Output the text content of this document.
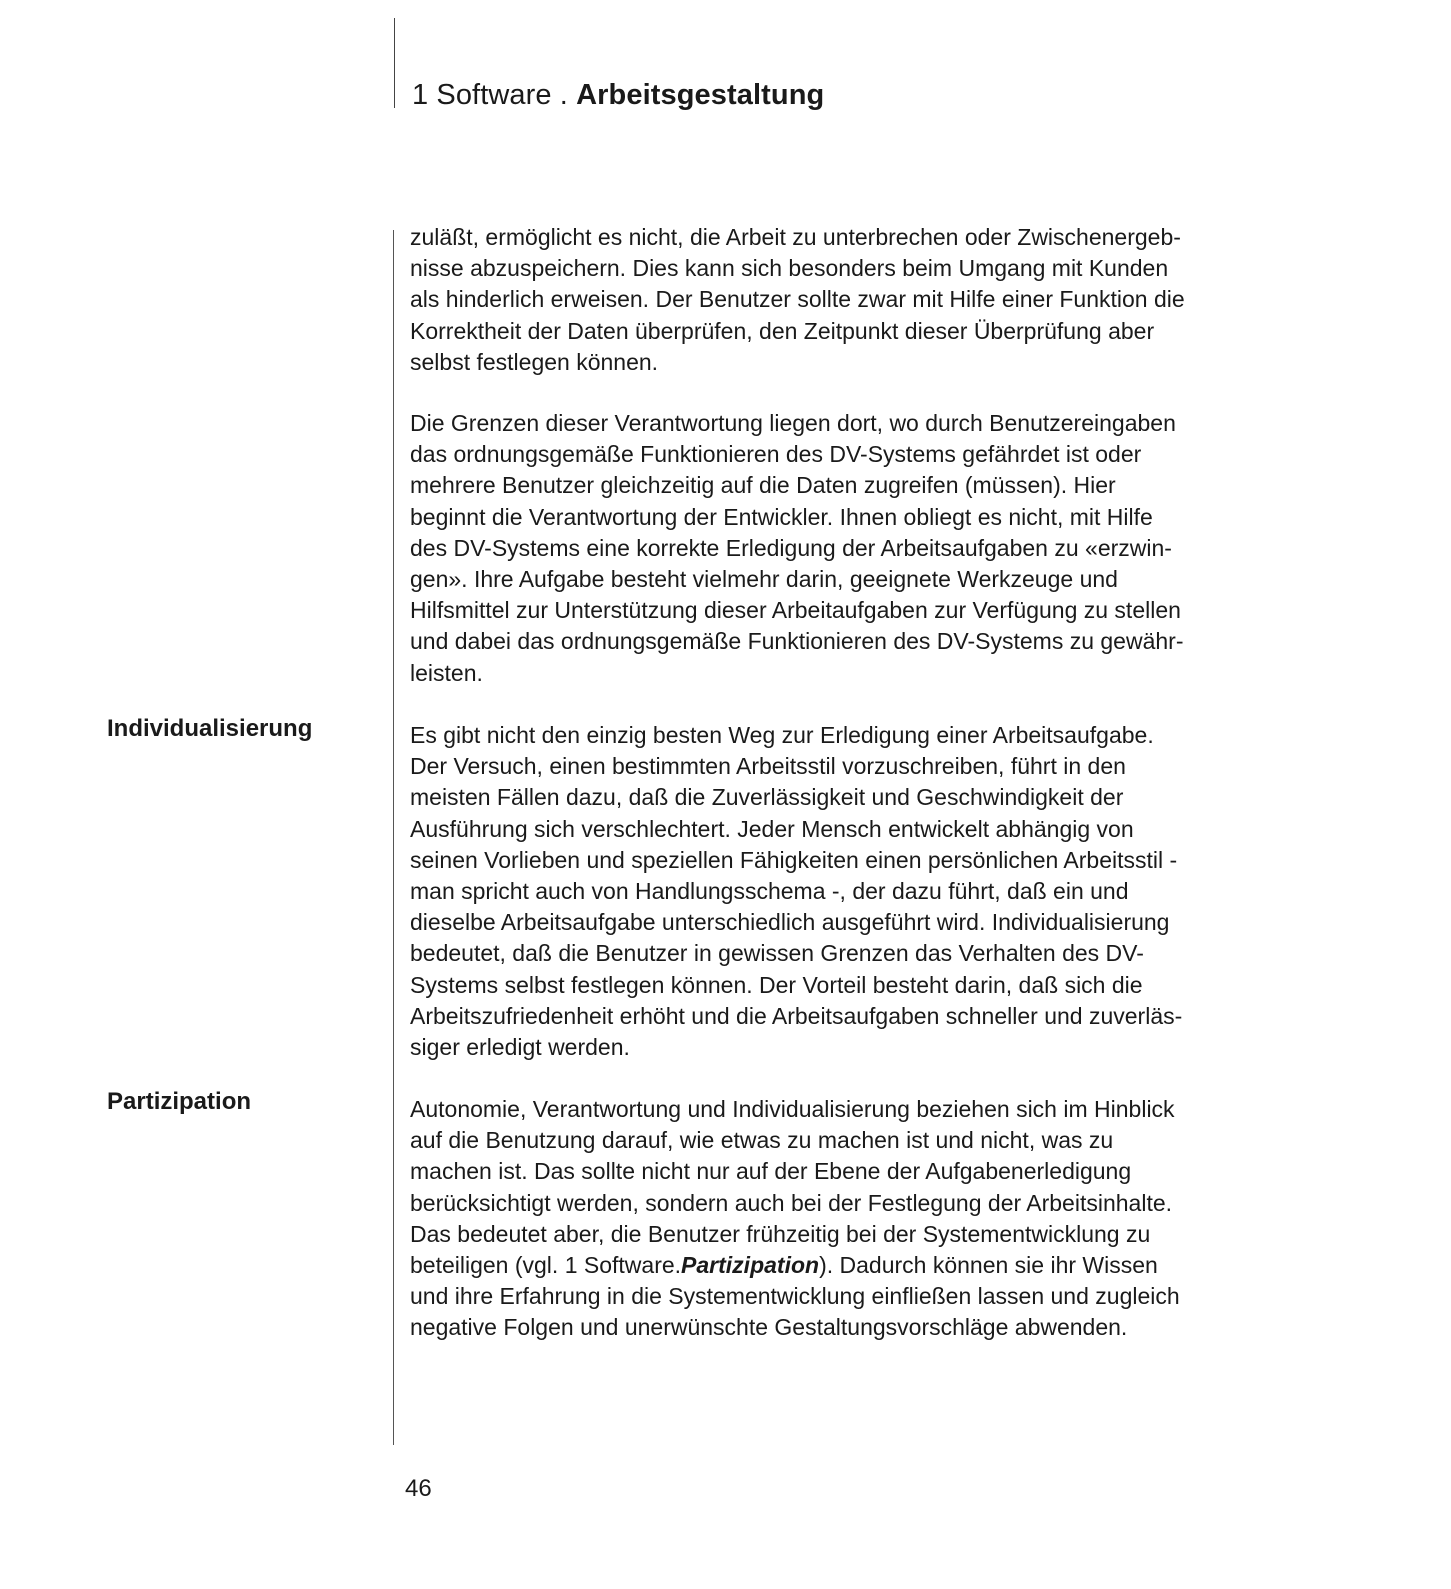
1 Software . Arbeitsgestaltung
Individualisierung
Partizipation
zuläßt, ermöglicht es nicht, die Arbeit zu unterbrechen oder Zwischenergeb-
nisse abzuspeichern. Dies kann sich besonders beim Umgang mit Kunden
als hinderlich erweisen. Der Benutzer sollte zwar mit Hilfe einer Funktion die
Korrektheit der Daten überprüfen, den Zeitpunkt dieser Überprüfung aber
selbst festlegen können.
Die Grenzen dieser Verantwortung liegen dort, wo durch Benutzereingaben
das ordnungsgemäße Funktionieren des DV-Systems gefährdet ist oder
mehrere Benutzer gleichzeitig auf die Daten zugreifen (müssen). Hier
beginnt die Verantwortung der Entwickler. Ihnen obliegt es nicht, mit Hilfe
des DV-Systems eine korrekte Erledigung der Arbeitsaufgaben zu «erzwin-
gen». Ihre Aufgabe besteht vielmehr darin, geeignete Werkzeuge und
Hilfsmittel zur Unterstützung dieser Arbeitaufgaben zur Verfügung zu stellen
und dabei das ordnungsgemäße Funktionieren des DV-Systems zu gewähr-
leisten.
Es gibt nicht den einzig besten Weg zur Erledigung einer Arbeitsaufgabe.
Der Versuch, einen bestimmten Arbeitsstil vorzuschreiben, führt in den
meisten Fällen dazu, daß die Zuverlässigkeit und Geschwindigkeit der
Ausführung sich verschlechtert. Jeder Mensch entwickelt abhängig von
seinen Vorlieben und speziellen Fähigkeiten einen persönlichen Arbeitsstil -
man spricht auch von Handlungsschema -, der dazu führt, daß ein und
dieselbe Arbeitsaufgabe unterschiedlich ausgeführt wird. Individualisierung
bedeutet, daß die Benutzer in gewissen Grenzen das Verhalten des DV-
Systems selbst festlegen können. Der Vorteil besteht darin, daß sich die
Arbeitszufriedenheit erhöht und die Arbeitsaufgaben schneller und zuverläs-
siger erledigt werden.
Autonomie, Verantwortung und Individualisierung beziehen sich im Hinblick
auf die Benutzung darauf, wie etwas zu machen ist und nicht, was zu
machen ist. Das sollte nicht nur auf der Ebene der Aufgabenerledigung
berücksichtigt werden, sondern auch bei der Festlegung der Arbeitsinhalte.
Das bedeutet aber, die Benutzer frühzeitig bei der Systementwicklung zu
beteiligen (vgl. 1 Software.Partizipation). Dadurch können sie ihr Wissen
und ihre Erfahrung in die Systementwicklung einfließen lassen und zugleich
negative Folgen und unerwünschte Gestaltungsvorschläge abwenden.
46
